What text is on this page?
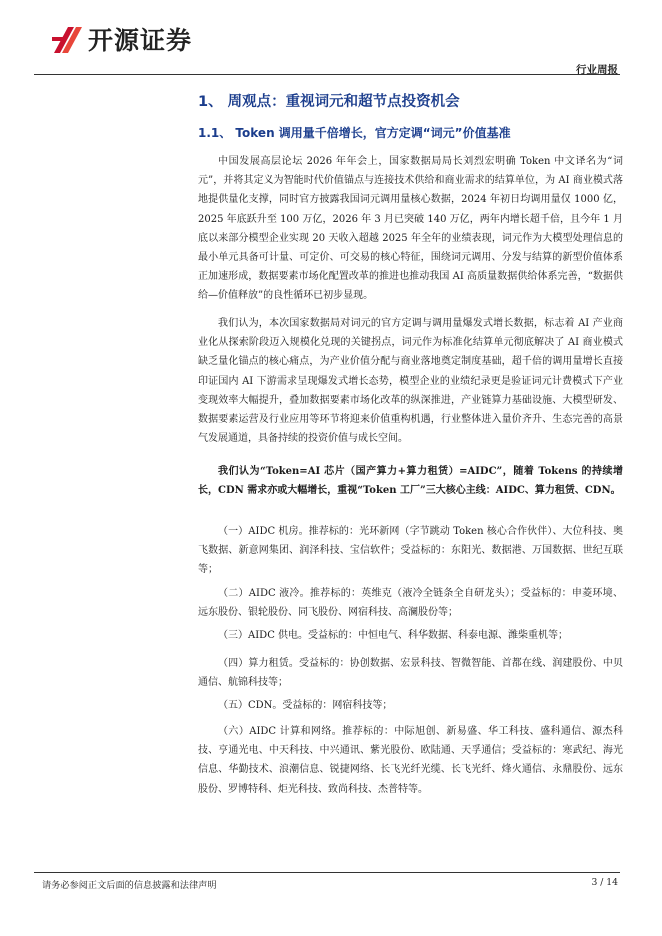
开源证券
行业周报
1、 周观点：重视词元和超节点投资机会
1.1、 Token 调用量千倍增长，官方定调“词元”价值基准

中国发展高层论坛 2026 年年会上，国家数据局局长刘烈宏明确 Token 中文译名为“词元”，并将其定义为智能时代价值锚点与连接技术供给和商业需求的结算单位，为 AI 商业模式落地提供量化支撑，同时官方披露我国词元调用量核心数据，2024 年初日均调用量仅 1000 亿，2025 年底跃升至 100 万亿，2026 年 3 月已突破 140 万亿，两年内增长超千倍，且今年 1 月底以来部分模型企业实现 20 天收入超越 2025 年全年的业绩表现，词元作为大模型处理信息的最小单元具备可计量、可定价、可交易的核心特征，围绕词元调用、分发与结算的新型价值体系正加速形成，数据要素市场化配置改革的推进也推动我国 AI 高质量数据供给体系完善，“数据供给—价值释放”的良性循环已初步显现。

我们认为，本次国家数据局对词元的官方定调与调用量爆发式增长数据，标志着 AI 产业商业化从探索阶段迈入规模化兑现的关键拐点，词元作为标准化结算单元彻底解决了 AI 商业模式缺乏量化锚点的核心痛点，为产业价值分配与商业落地奠定制度基础，超千倍的调用量增长直接印证国内 AI 下游需求呈现爆发式增长态势，模型企业的业绩纪录更是验证词元计费模式下产业变现效率大幅提升，叠加数据要素市场化改革的纵深推进，产业链算力基础设施、大模型研发、数据要素运营及行业应用等环节将迎来价值重构机遇，行业整体进入量价齐升、生态完善的高景气发展通道，具备持续的投资价值与成长空间。

我们认为“Token=AI 芯片（国产算力+算力租赁）=AIDC”，随着 Tokens 的持续增长，CDN 需求亦或大幅增长，重视“Token 工厂”三大核心主线：AIDC、算力租赁、CDN。

（一）AIDC 机房。推荐标的：光环新网（字节跳动 Token 核心合作伙伴）、大位科技、奥飞数据、新意网集团、润泽科技、宝信软件；受益标的：东阳光、数据港、万国数据、世纪互联等；

（二）AIDC 液冷。推荐标的：英维克（液冷全链条全自研龙头）；受益标的：申菱环境、远东股份、银轮股份、同飞股份、网宿科技、高澜股份等；

（三）AIDC 供电。受益标的：中恒电气、科华数据、科泰电源、潍柴重机等；

（四）算力租赁。受益标的：协创数据、宏景科技、智微智能、首都在线、润建股份、中贝通信、航锦科技等；

（五）CDN。受益标的：网宿科技等；

（六）AIDC 计算和网络。推荐标的：中际旭创、新易盛、华工科技、盛科通信、源杰科技、亨通光电、中天科技、中兴通讯、紫光股份、欧陆通、天孚通信；受益标的：寒武纪、海光信息、华勤技术、浪潮信息、锐捷网络、长飞光纤光缆、长飞光纤、烽火通信、永鼎股份、远东股份、罗博特科、炬光科技、致尚科技、杰普特等。

请务必参阅正文后面的信息披露和法律声明	3 / 14
